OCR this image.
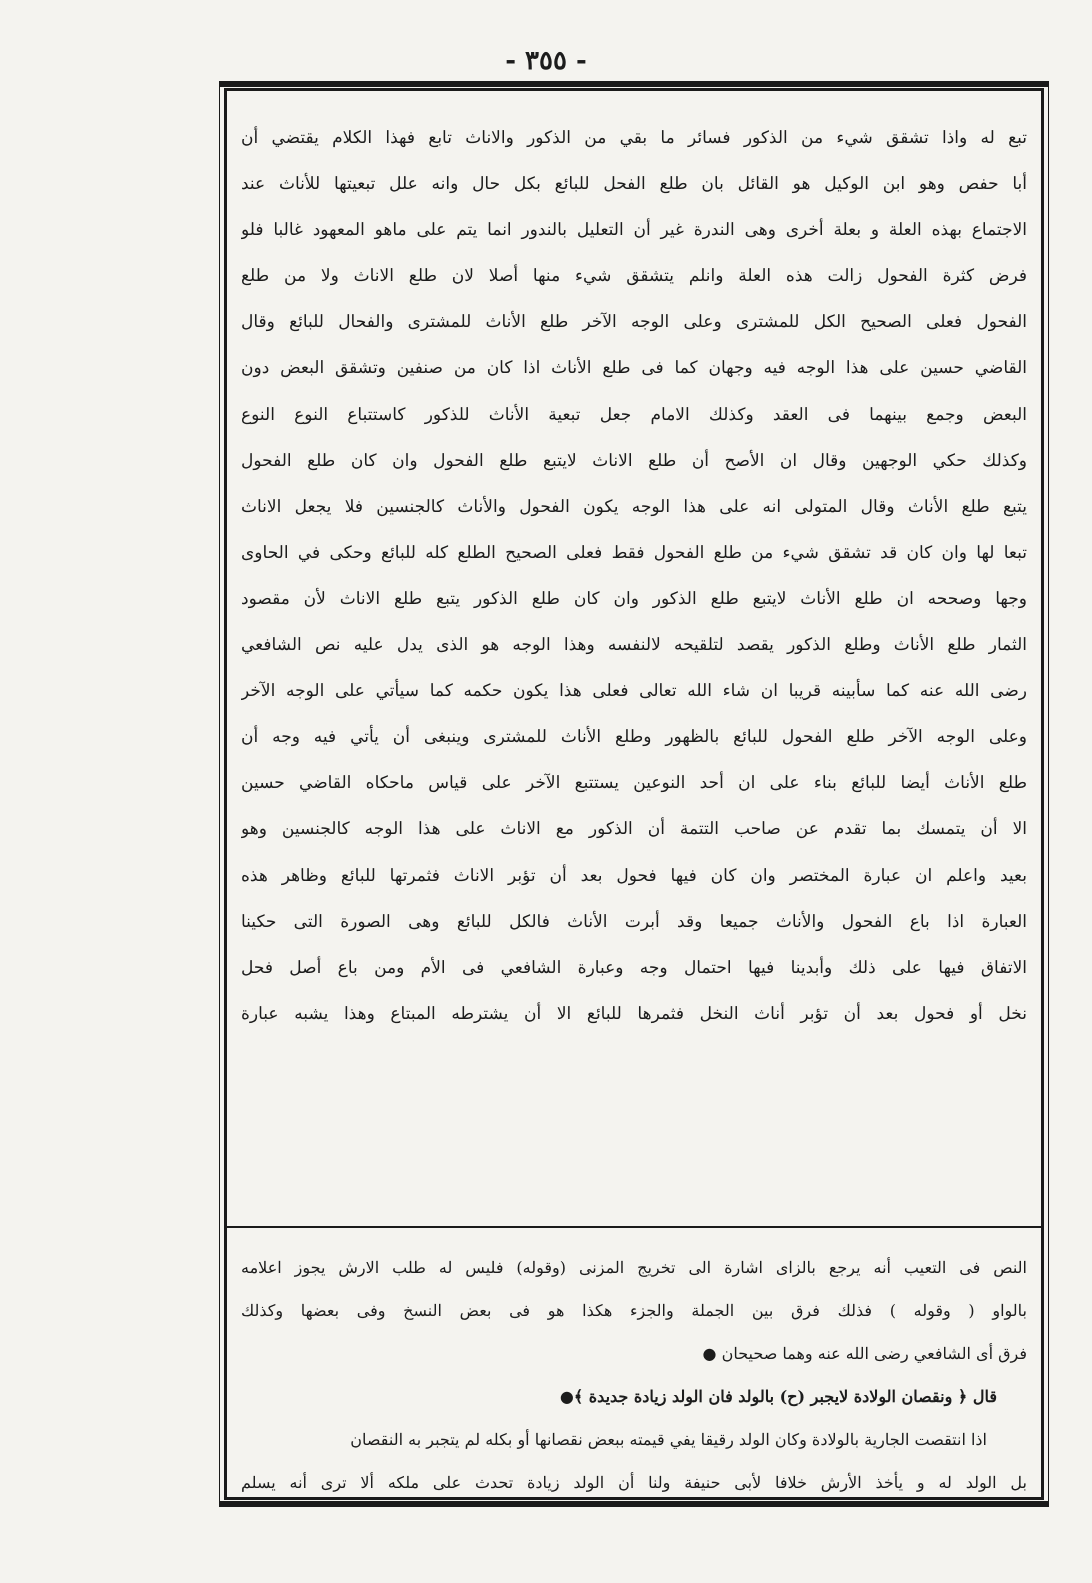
- ٣٥٥ -
تبع له واذا تشقق شيء من الذكور فسائر ما بقي من الذكور والاناث تابع فهذا الكلام يقتضي أن
أبا حفص وهو ابن الوكيل هو القائل بان طلع الفحل للبائع بكل حال وانه علل تبعيتها للأناث عند
الاجتماع بهذه العلة و بعلة أخرى وهى الندرة غير أن التعليل بالندور انما يتم على ماهو المعهود غالبا فلو
فرض كثرة الفحول زالت هذه العلة وانلم يتشقق شيء منها أصلا لان طلع الاناث ولا من طلع
الفحول فعلى الصحيح الكل للمشترى وعلى الوجه الآخر طلع الأناث للمشترى والفحال للبائع وقال
القاضي حسين على هذا الوجه فيه وجهان كما فى طلع الأناث اذا كان من صنفين وتشقق البعض دون
البعض وجمع بينهما فى العقد وكذلك الامام جعل تبعية الأناث للذكور كاستتباع النوع النوع
وكذلك حكي الوجهين وقال ان الأصح أن طلع الاناث لايتبع طلع الفحول وان كان طلع الفحول
يتبع طلع الأناث وقال المتولى انه على هذا الوجه يكون الفحول والأناث كالجنسين فلا يجعل الاناث
تبعا لها وان كان قد تشقق شيء من طلع الفحول فقط فعلى الصحيح الطلع كله للبائع وحكى في الحاوى
وجها وصححه ان طلع الأناث لايتبع طلع الذكور وان كان طلع الذكور يتبع طلع الاناث لأن مقصود
الثمار طلع الأناث وطلع الذكور يقصد لتلقيحه لالنفسه وهذا الوجه هو الذى يدل عليه نص الشافعي
رضى الله عنه كما سأبينه قريبا ان شاء الله تعالى فعلى هذا يكون حكمه كما سيأتي على الوجه الآخر
وعلى الوجه الآخر طلع الفحول للبائع بالظهور وطلع الأناث للمشترى وينبغى أن يأتي فيه وجه أن
طلع الأناث أيضا للبائع بناء على ان أحد النوعين يستتبع الآخر على قياس ماحكاه القاضي حسين
الا أن يتمسك بما تقدم عن صاحب التتمة أن الذكور مع الاناث على هذا الوجه كالجنسين وهو
بعيد واعلم ان عبارة المختصر وان كان فيها فحول بعد أن تؤبر الاناث فثمرتها للبائع وظاهر هذه
العبارة اذا باع الفحول والأناث جميعا وقد أبرت الأناث فالكل للبائع وهى الصورة التى حكينا
الاتفاق فيها على ذلك وأبدينا فيها احتمال وجه وعبارة الشافعي فى الأم ومن باع أصل فحل
نخل أو فحول بعد أن تؤبر أناث النخل فثمرها للبائع الا أن يشترطه المبتاع وهذا يشبه عبارة
النص فى التعيب أنه يرجع بالزاى اشارة الى تخريج المزنى (وقوله) فليس له طلب الارش يجوز اعلامه
بالواو ( وقوله ) فذلك فرق بين الجملة والجزء هكذا هو فى بعض النسخ وفى بعضها وكذلك
فرق أى الشافعي رضى الله عنه وهما صحيحان ●
قال ﴿ ونقصان الولادة لايجبر (ح) بالولد فان الولد زيادة جديدة ﴾●
اذا انتقصت الجارية بالولادة وكان الولد رقيقا يفي قيمته ببعض نقصانها أو بكله لم يتجبر به النقصان
بل الولد له و يأخذ الأرش خلافا لأبى حنيفة ولنا أن الولد زيادة تحدث على ملكه ألا ترى أنه يسلم
